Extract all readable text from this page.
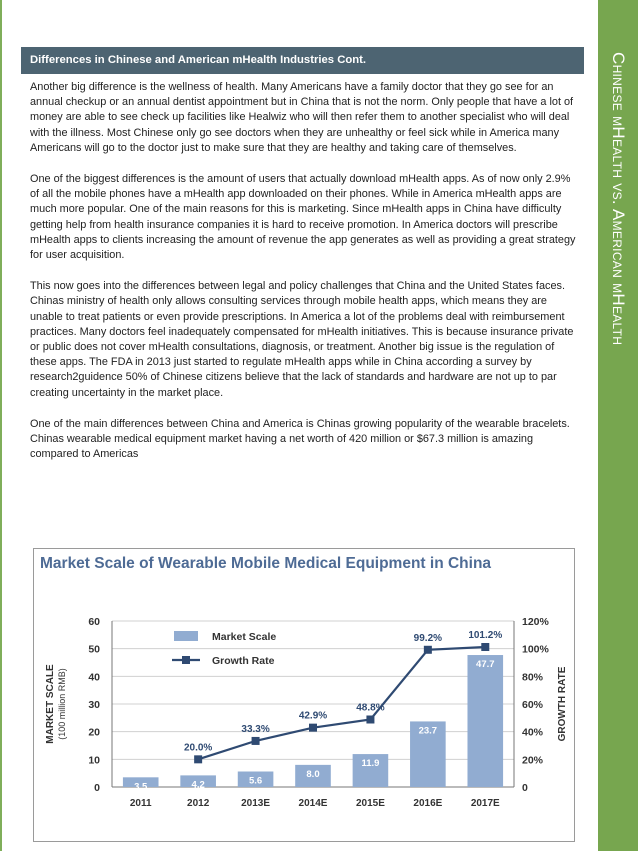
Chinese mHealth vs. American mHealth
Differences in Chinese and American mHealth Industries Cont.

Another big difference is the wellness of health. Many Americans have a family doctor that they go see for an annual checkup or an annual dentist appointment but in China that is not the norm. Only people that have a lot of money are able to see check up facilities like Healwiz who will then refer them to another specialist who will deal with the illness. Most Chinese only go see doctors when they are unhealthy or feel sick while in America many Americans will go to the doctor just to make sure that they are healthy and taking care of themselves.

One of the biggest differences is the amount of users that actually download mHealth apps. As of now only 2.9% of all the mobile phones have a mHealth app downloaded on their phones. While in America mHealth apps are much more popular. One of the main reasons for this is marketing. Since mHealth apps in China have difficulty getting help from health insurance companies it is hard to receive promotion. In America doctors will prescribe mHealth apps to clients increasing the amount of revenue the app generates as well as providing a great strategy for user acquisition.

This now goes into the differences between legal and policy challenges that China and the United States faces. Chinas ministry of health only allows consulting services through mobile health apps, which means they are unable to treat patients or even provide prescriptions. In America a lot of the problems deal with reimbursement practices. Many doctors feel inadequately compensated for mHealth initiatives. This is because insurance private or public does not cover mHealth consultations, diagnosis, or treatment. Another big issue is the regulation of these apps. The FDA in 2013 just started to regulate mHealth apps while in China according a survey by research2guidence 50% of Chinese citizens believe that the lack of standards and hardware are not up to par creating uncertainty in the market place.

One of the main differences between China and America is Chinas growing popularity of the wearable bracelets. Chinas wearable medical equipment market having a net worth of 420 million or $67.3 million is amazing compared to Americas

Market Scale of Wearable Mobile Medical Equipment in China
0
10
20
30
40
50
60
0
20%
40%
60%
80%
100%
120%
MARKET SCALE (100 million RMB)	GROWTH RATE
3.5	4.2	5.6
8.0
11.9
23.7
47.7
2011	2012	2013E	2014E	2015E	2016E	2017E
20.0%
33.3%
42.9%
48.8%
99.2%	101.2%
Market Scale
Growth Rate
